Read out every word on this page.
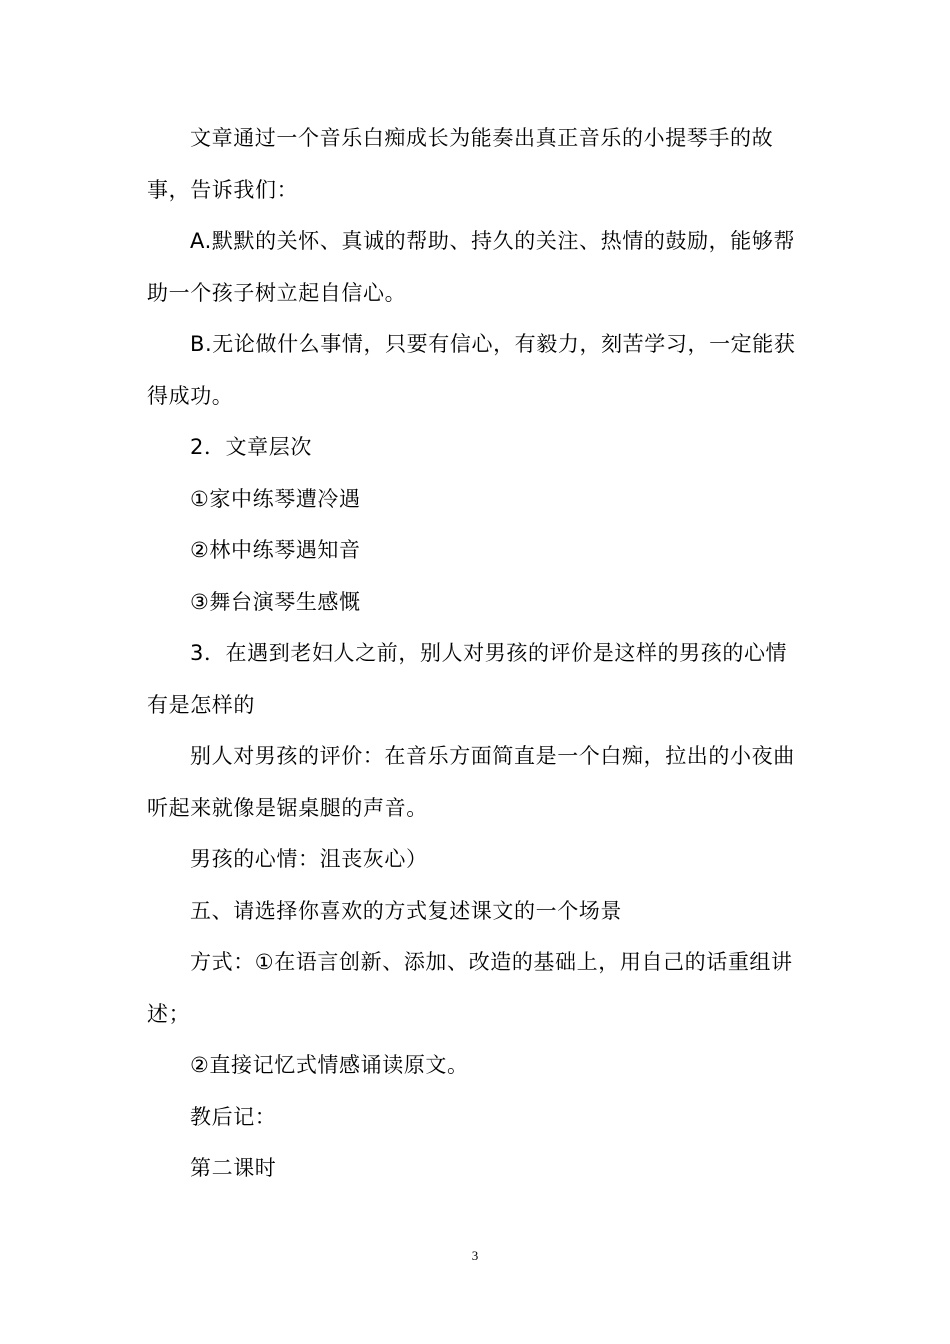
文章通过一个音乐白痴成长为能奏出真正音乐的小提琴手的故事，告诉我们：

A.默默的关怀、真诚的帮助、持久的关注、热情的鼓励，能够帮助一个孩子树立起自信心。

B.无论做什么事情，只要有信心，有毅力，刻苦学习，一定能获得成功。

2．文章层次

①家中练琴遭冷遇

②林中练琴遇知音

③舞台演琴生感慨

3．在遇到老妇人之前，别人对男孩的评价是这样的男孩的心情有是怎样的

别人对男孩的评价：在音乐方面简直是一个白痴，拉出的小夜曲听起来就像是锯桌腿的声音。

男孩的心情：沮丧灰心）

五、请选择你喜欢的方式复述课文的一个场景

方式：①在语言创新、添加、改造的基础上，用自己的话重组讲述；

②直接记忆式情感诵读原文。

教后记：

第二课时

3
